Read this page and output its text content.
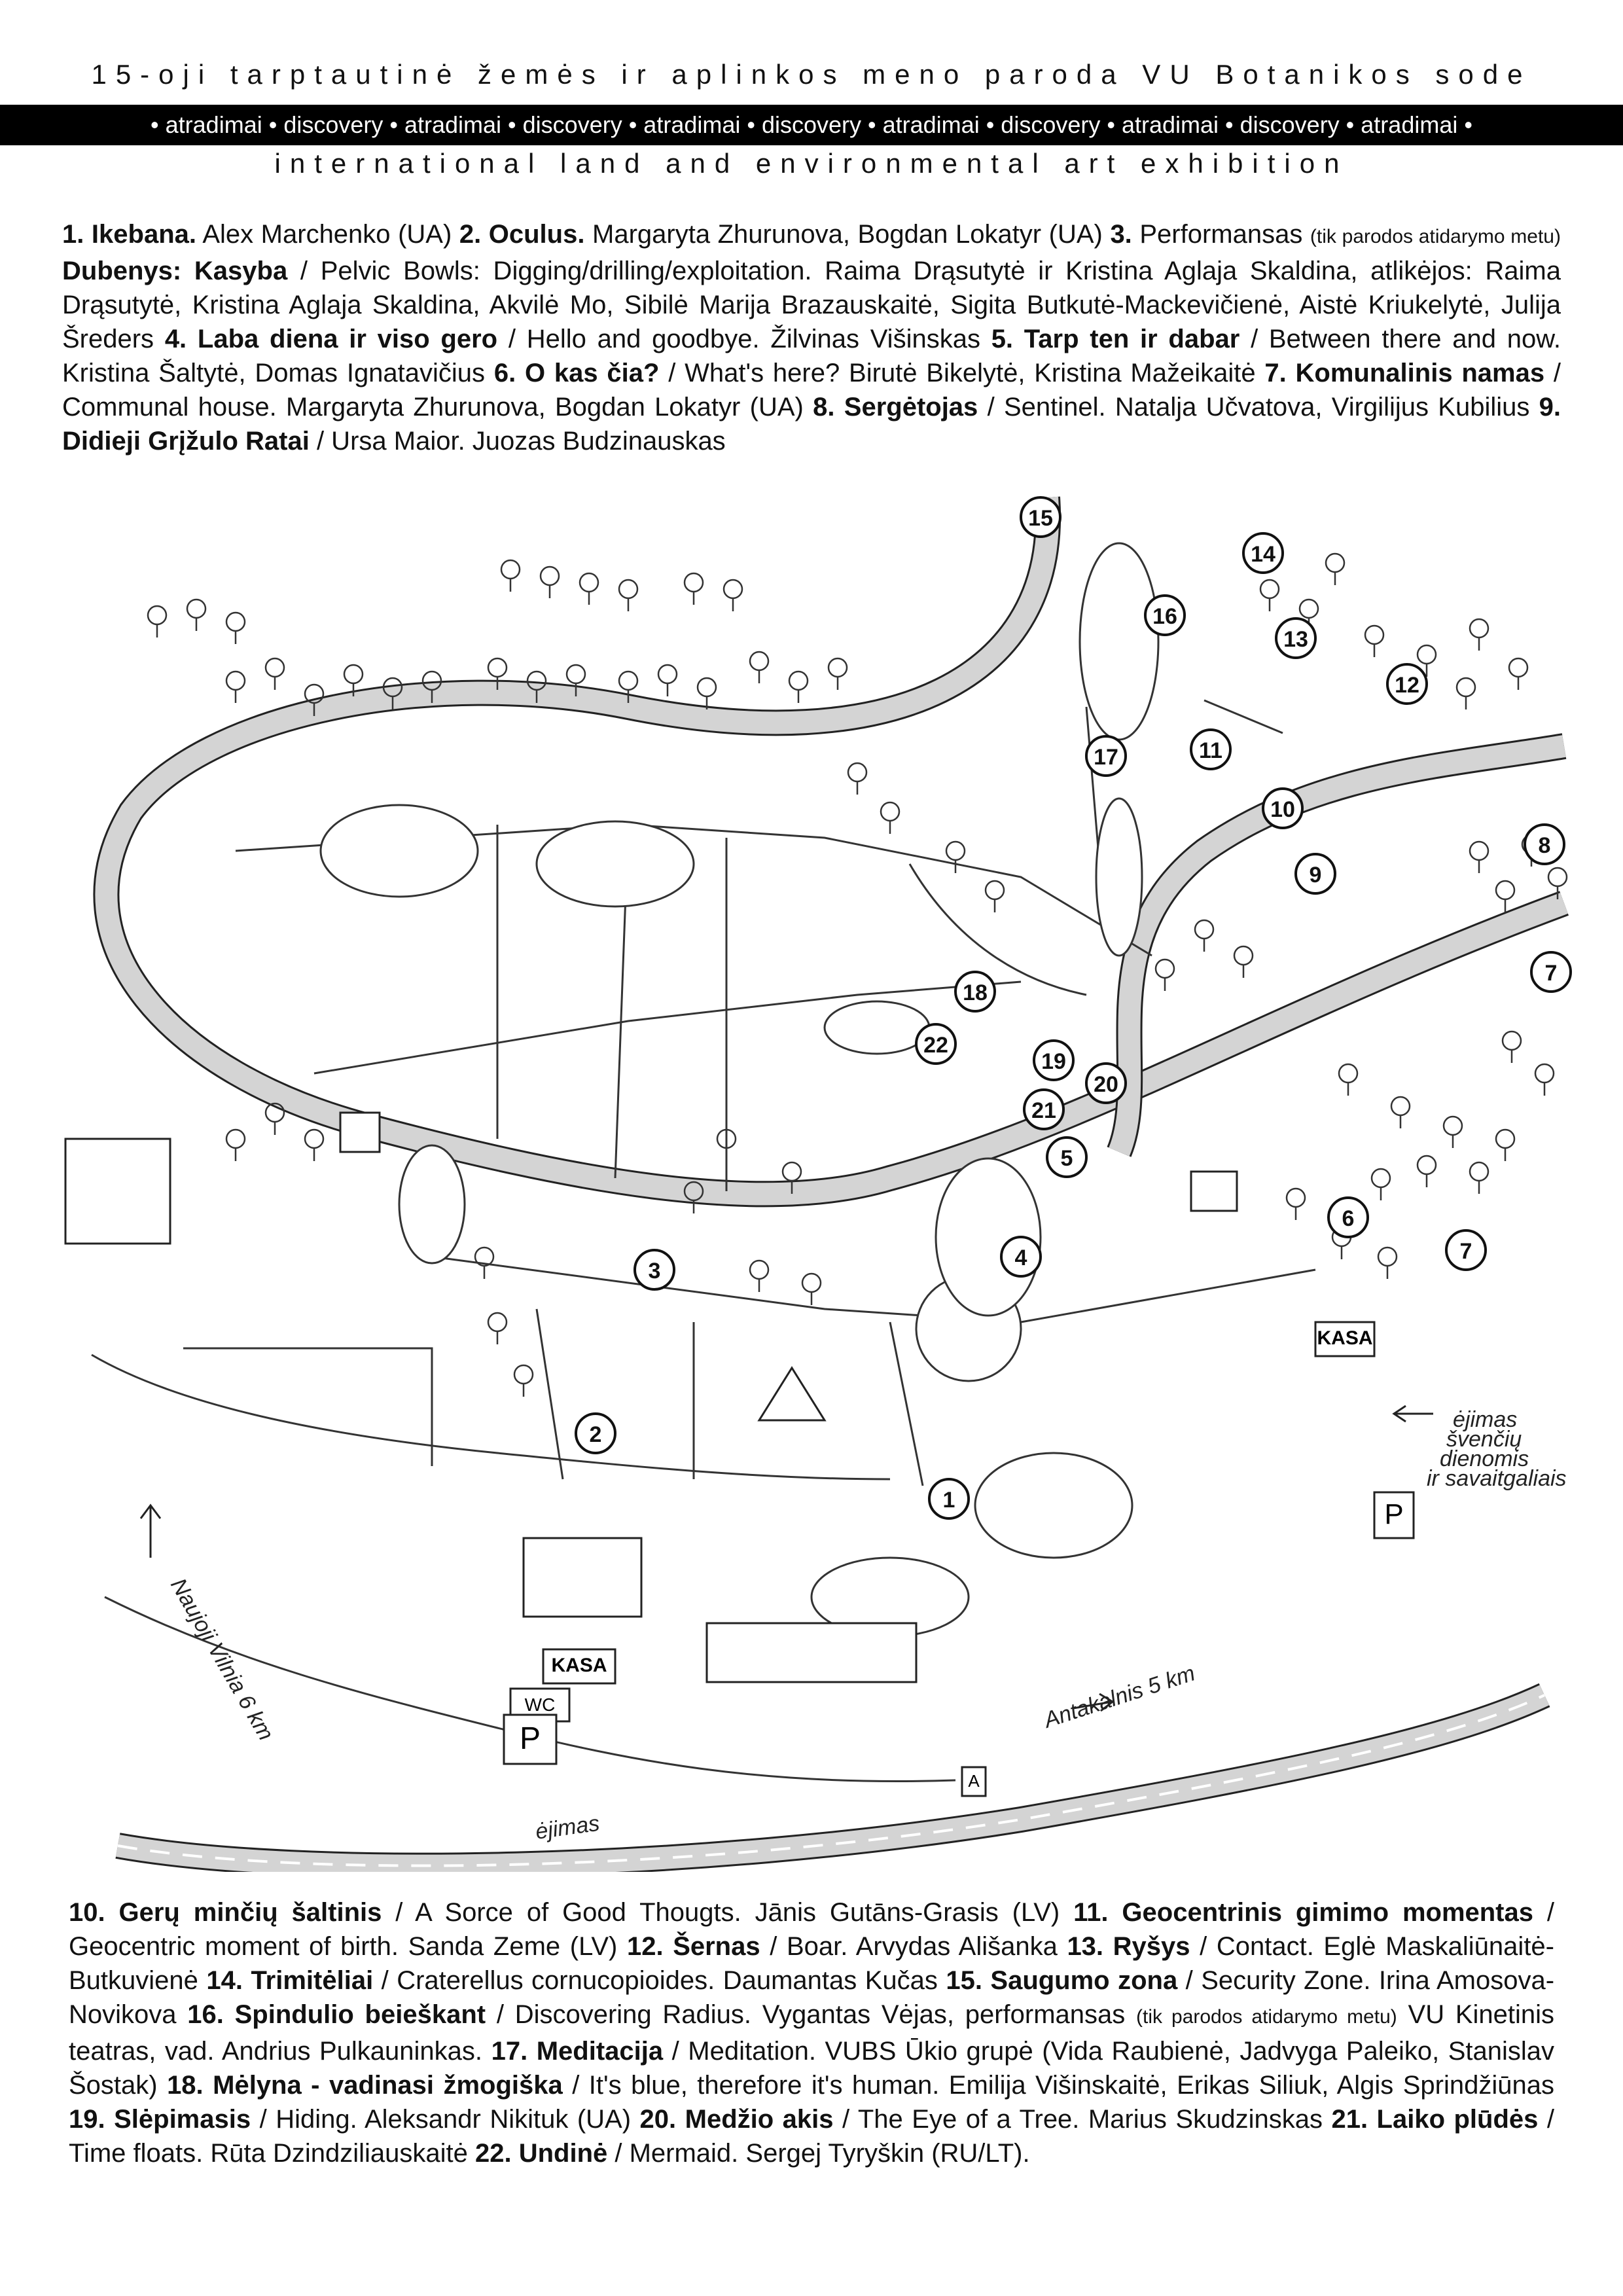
15-oji tarptautinė žemės ir aplinkos meno paroda VU Botanikos sode
• atradimai • discovery • atradimai • discovery • atradimai • discovery • atradimai • discovery • atradimai • discovery • atradimai •
international land and environmental art exhibition
1. Ikebana. Alex Marchenko (UA) 2. Oculus. Margaryta Zhurunova, Bogdan Lokatyr (UA) 3. Performansas (tik parodos atidarymo metu) Dubenys: Kasyba / Pelvic Bowls: Digging/drilling/exploitation. Raima Drąsutytė ir Kristina Aglaja Skaldina, atlikėjos: Raima Drąsutytė, Kristina Aglaja Skaldina, Akvilė Mo, Sibilė Marija Brazauskaitė, Sigita Butkutė-Mackevičienė, Aistė Kriukelytė, Julija Šreders 4. Laba diena ir viso gero / Hello and goodbye. Žilvinas Višinskas 5. Tarp ten ir dabar / Between there and now. Kristina Šaltytė, Domas Ignatavičius 6. O kas čia? / What's here? Birutė Bikelytė, Kristina Mažeikaitė 7. Komunalinis namas / Communal house. Margaryta Zhurunova, Bogdan Lokatyr (UA) 8. Sergėtojas / Sentinel. Natalja Učvatova, Virgilijus Kubilius 9. Didieji Grįžulo Ratai / Ursa Maior. Juozas Budzinauskas
KASA
KASA
WC
P
P
A
Naujoji Vilnia 6 km	Antakalnis 5 km
ėjimas
ėjimas
švenčių
dienomis
ir savaitgaliais
1
2
3
4
5
6
7
7
8
9
10
11
12
13
14
15
16
17
18
19
20
21
22
10. Gerų minčių šaltinis / A Sorce of Good Thougts. Jānis Gutāns-Grasis (LV) 11. Geocentrinis gimimo momentas / Geocentric moment of birth. Sanda Zeme (LV) 12. Šernas / Boar. Arvydas Ališanka 13. Ryšys / Contact. Eglė Maskaliūnaitė-Butkuvienė 14. Trimitėliai / Craterellus cornucopioides. Daumantas Kučas 15. Saugumo zona / Security Zone. Irina Amosova-Novikova 16. Spindulio beieškant / Discovering Radius. Vygantas Vėjas, performansas (tik parodos atidarymo metu) VU Kinetinis teatras, vad. Andrius Pulkauninkas. 17. Meditacija / Meditation. VUBS Ūkio grupė (Vida Raubienė, Jadvyga Paleiko, Stanislav Šostak) 18. Mėlyna - vadinasi žmogiška / It's blue, therefore it's human. Emilija Višinskaitė, Erikas Siliuk, Algis Sprindžiūnas 19. Slėpimasis / Hiding. Aleksandr Nikituk (UA) 20. Medžio akis / The Eye of a Tree. Marius Skudzinskas 21. Laiko plūdės / Time floats. Rūta Dzindziliauskaitė 22. Undinė / Mermaid. Sergej Tyryškin (RU/LT).
